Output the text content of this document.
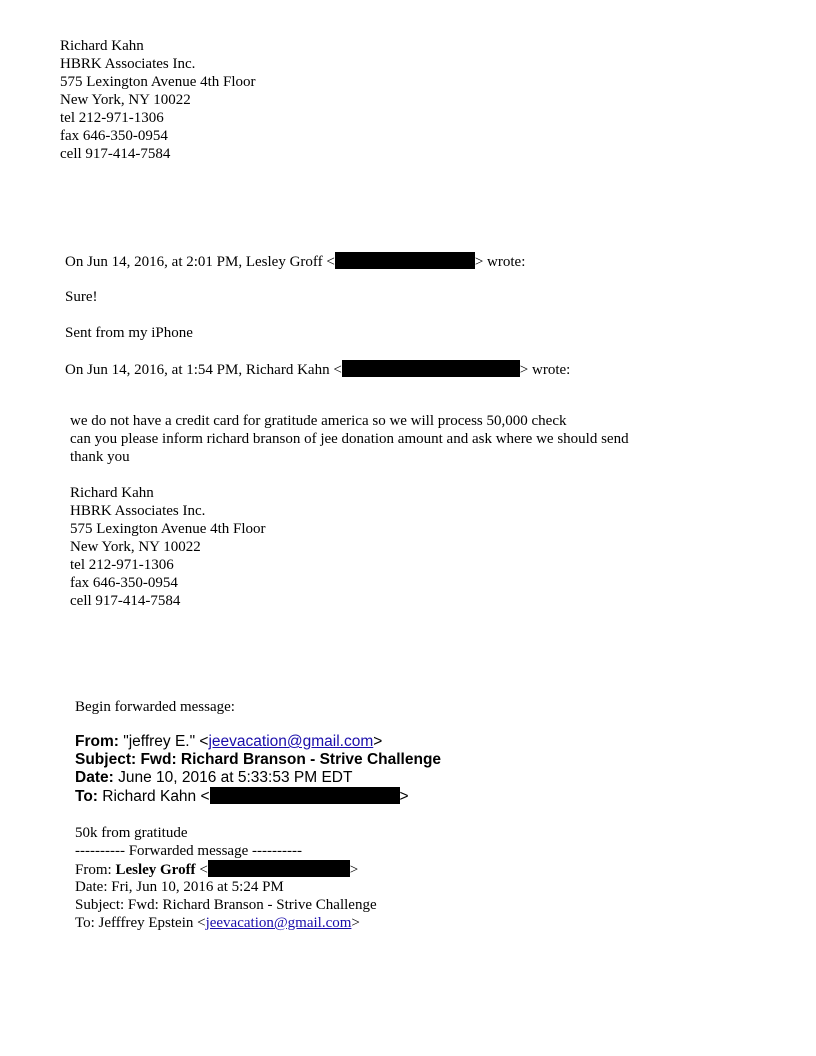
Richard Kahn
HBRK Associates Inc.
575 Lexington Avenue 4th Floor
New York, NY 10022
tel 212-971-1306
fax 646-350-0954
cell 917-414-7584
On Jun 14, 2016, at 2:01 PM, Lesley Groff <	> wrote:
Sure!
Sent from my iPhone
On Jun 14, 2016, at 1:54 PM, Richard Kahn <	> wrote:
we do not have a credit card for gratitude america so we will process 50,000 check
can you please inform richard branson of jee donation amount and ask where we should send
thank you
Richard Kahn
HBRK Associates Inc.
575 Lexington Avenue 4th Floor
New York, NY 10022
tel 212-971-1306
fax 646-350-0954
cell 917-414-7584
Begin forwarded message:
From: "jeffrey E." <jeevacation@gmail.com>
Subject: Fwd: Richard Branson - Strive Challenge
Date: June 10, 2016 at 5:33:53 PM EDT
To: Richard Kahn <	>
50k from gratitude
---------- Forwarded message ----------
From: Lesley Groff <	>
Date: Fri, Jun 10, 2016 at 5:24 PM
Subject: Fwd: Richard Branson - Strive Challenge
To: Jefffrey Epstein <jeevacation@gmail.com>
